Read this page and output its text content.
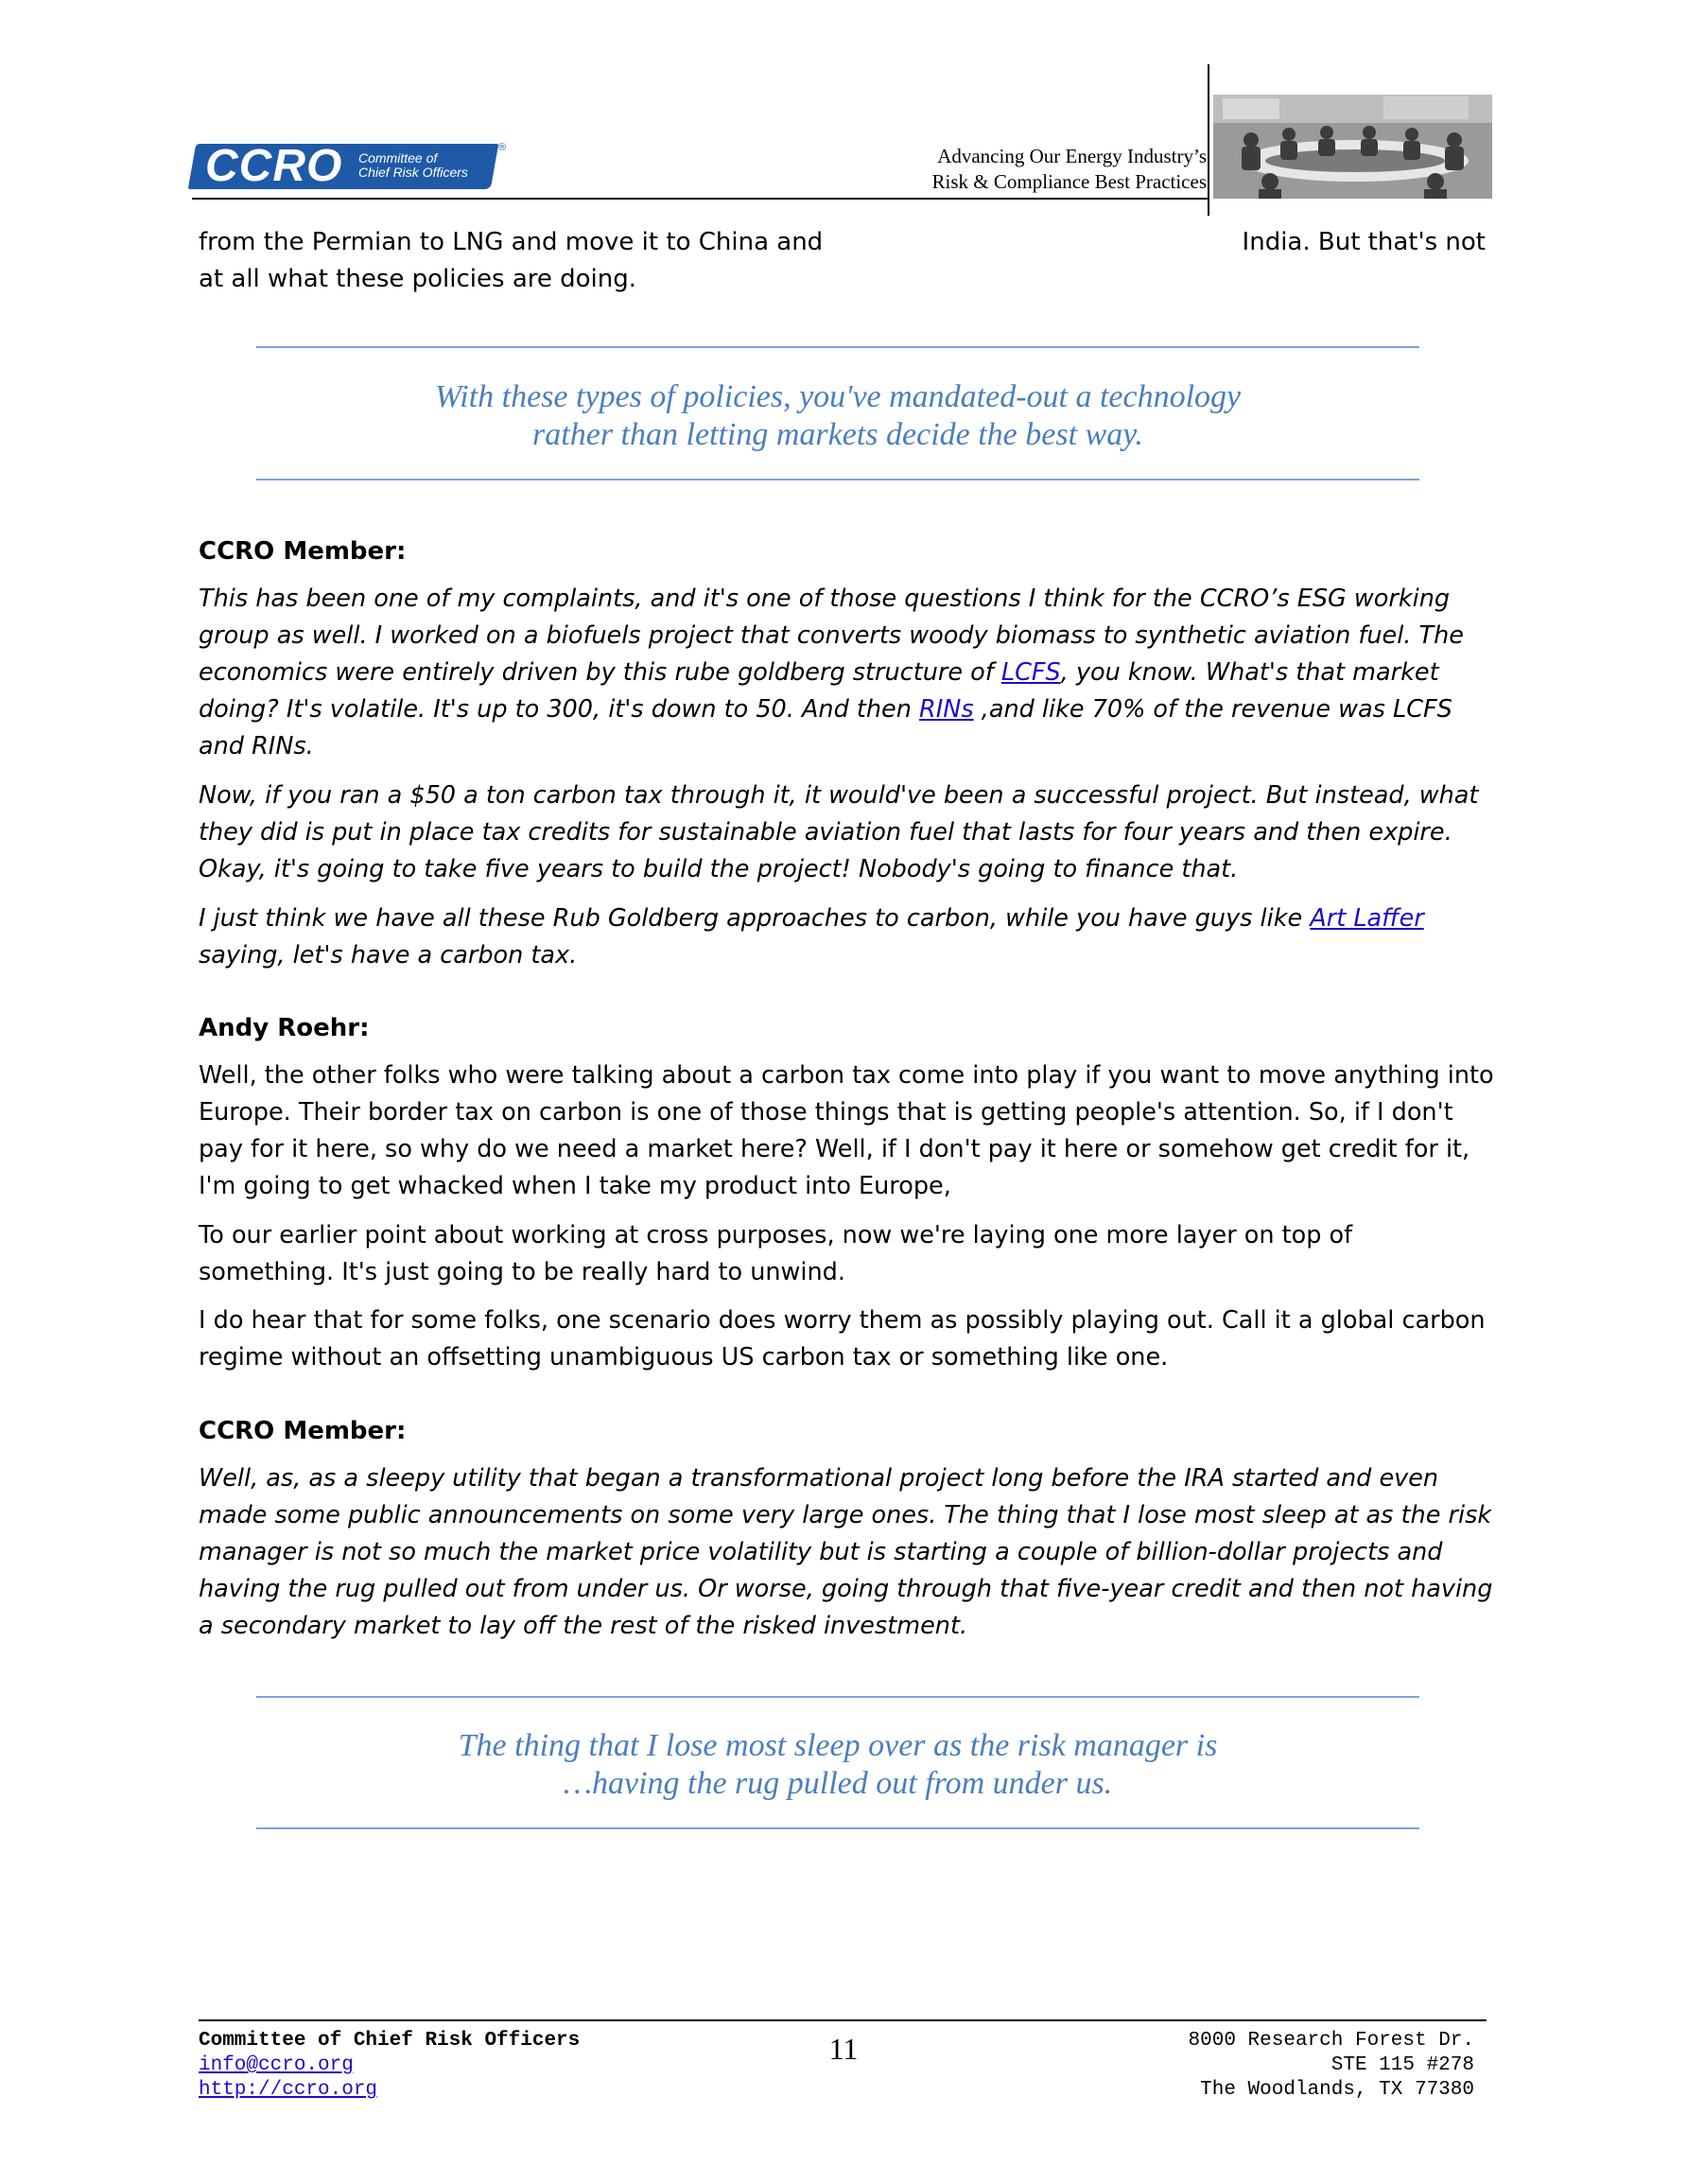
CCRO Committee of
Chief Risk Officers
®	Advancing Our Energy Industry’s
Risk & Compliance Best Practices
from the Permian to LNG and move it to China and	India. But that's not
at all what these policies are doing.
With these types of policies, you've mandated-out a technology
rather than letting markets decide the best way.
CCRO Member:
This has been one of my complaints, and it's one of those questions I think for the CCRO’s ESG working group as well. I worked on a biofuels project that converts woody biomass to synthetic aviation fuel. The economics were entirely driven by this rube goldberg structure of LCFS, you know. What's that market doing? It's volatile. It's up to 300, it's down to 50. And then RINs ,and like 70% of the revenue was LCFS and RINs.
Now, if you ran a $50 a ton carbon tax through it, it would've been a successful project. But instead, what they did is put in place tax credits for sustainable aviation fuel that lasts for four years and then expire. Okay, it's going to take five years to build the project! Nobody's going to finance that.
I just think we have all these Rub Goldberg approaches to carbon, while you have guys like Art Laffer saying, let's have a carbon tax.
Andy Roehr:
Well, the other folks who were talking about a carbon tax come into play if you want to move anything into Europe. Their border tax on carbon is one of those things that is getting people's attention. So, if I don't pay for it here, so why do we need a market here? Well, if I don't pay it here or somehow get credit for it, I'm going to get whacked when I take my product into Europe,
To our earlier point about working at cross purposes, now we're laying one more layer on top of something. It's just going to be really hard to unwind.
I do hear that for some folks, one scenario does worry them as possibly playing out. Call it a global carbon regime without an offsetting unambiguous US carbon tax or something like one.
CCRO Member:
Well, as, as a sleepy utility that began a transformational project long before the IRA started and even made some public announcements on some very large ones. The thing that I lose most sleep at as the risk manager is not so much the market price volatility but is starting a couple of billion-dollar projects and having the rug pulled out from under us. Or worse, going through that five-year credit and then not having a secondary market to lay off the rest of the risked investment.
The thing that I lose most sleep over as the risk manager is
…having the rug pulled out from under us.
Committee of Chief Risk Officers
info@ccro.org
http://ccro.org
11	8000 Research Forest Dr.
STE 115 #278
The Woodlands, TX 77380
